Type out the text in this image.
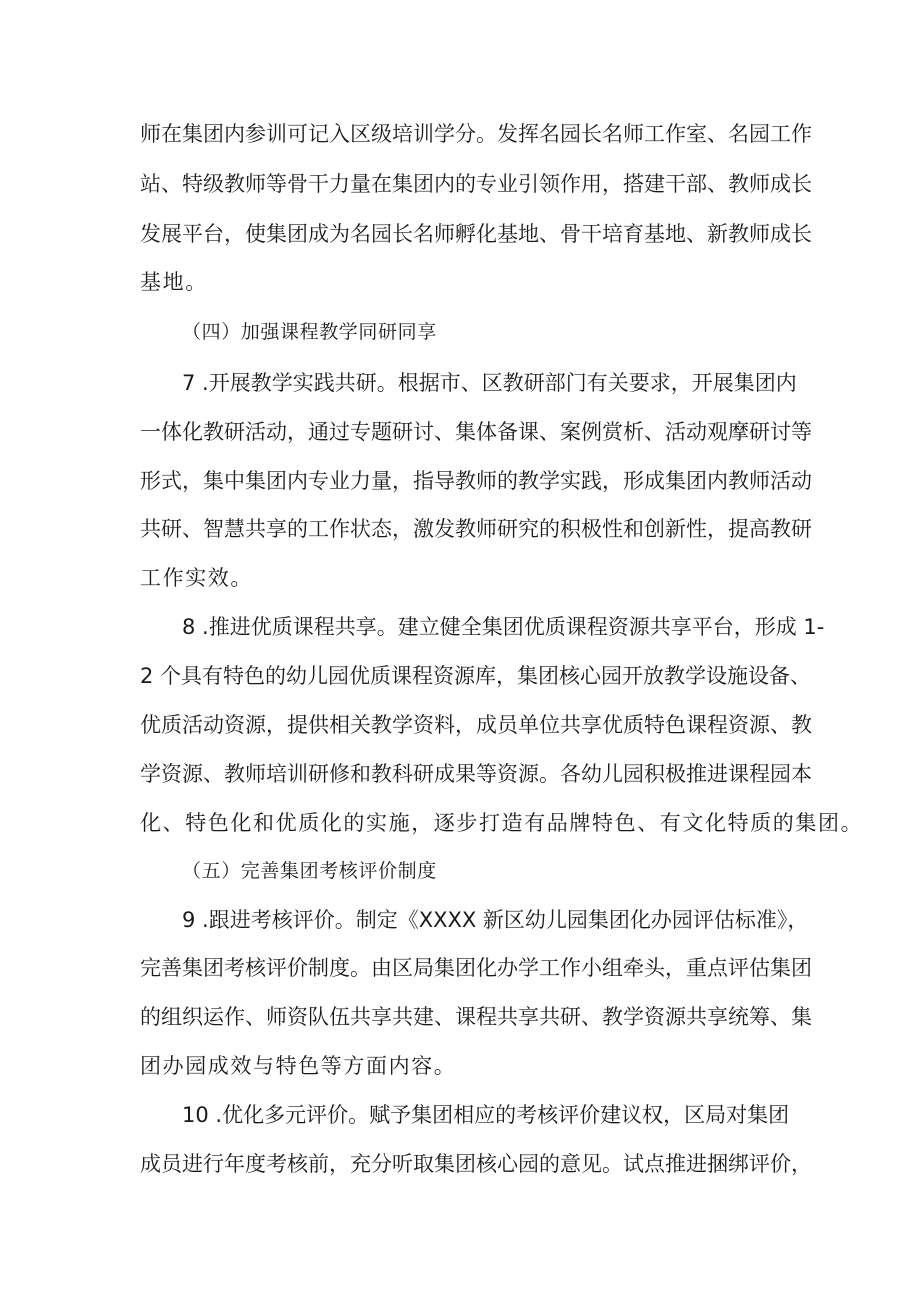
师在集团内参训可记入区级培训学分。发挥名园长名师工作室、名园工作
站、特级教师等骨干力量在集团内的专业引领作用，搭建干部、教师成长
发展平台，使集团成为名园长名师孵化基地、骨干培育基地、新教师成长
基地。
（四）加强课程教学同研同享
7 .开展教学实践共研。根据市、区教研部门有关要求，开展集团内
一体化教研活动，通过专题研讨、集体备课、案例赏析、活动观摩研讨等
形式，集中集团内专业力量，指导教师的教学实践，形成集团内教师活动
共研、智慧共享的工作状态，激发教师研究的积极性和创新性，提高教研
工作实效。
8 .推进优质课程共享。建立健全集团优质课程资源共享平台，形成 1-
2 个具有特色的幼儿园优质课程资源库，集团核心园开放教学设施设备、
优质活动资源，提供相关教学资料，成员单位共享优质特色课程资源、教
学资源、教师培训研修和教科研成果等资源。各幼儿园积极推进课程园本
化、特色化和优质化的实施，逐步打造有品牌特色、有文化特质的集团。
（五）完善集团考核评价制度
9 .跟进考核评价。制定《XXXX 新区幼儿园集团化办园评估标准》，
完善集团考核评价制度。由区局集团化办学工作小组牵头，重点评估集团
的组织运作、师资队伍共享共建、课程共享共研、教学资源共享统筹、集
团办园成效与特色等方面内容。
10 .优化多元评价。赋予集团相应的考核评价建议权，区局对集团
成员进行年度考核前，充分听取集团核心园的意见。试点推进捆绑评价，
